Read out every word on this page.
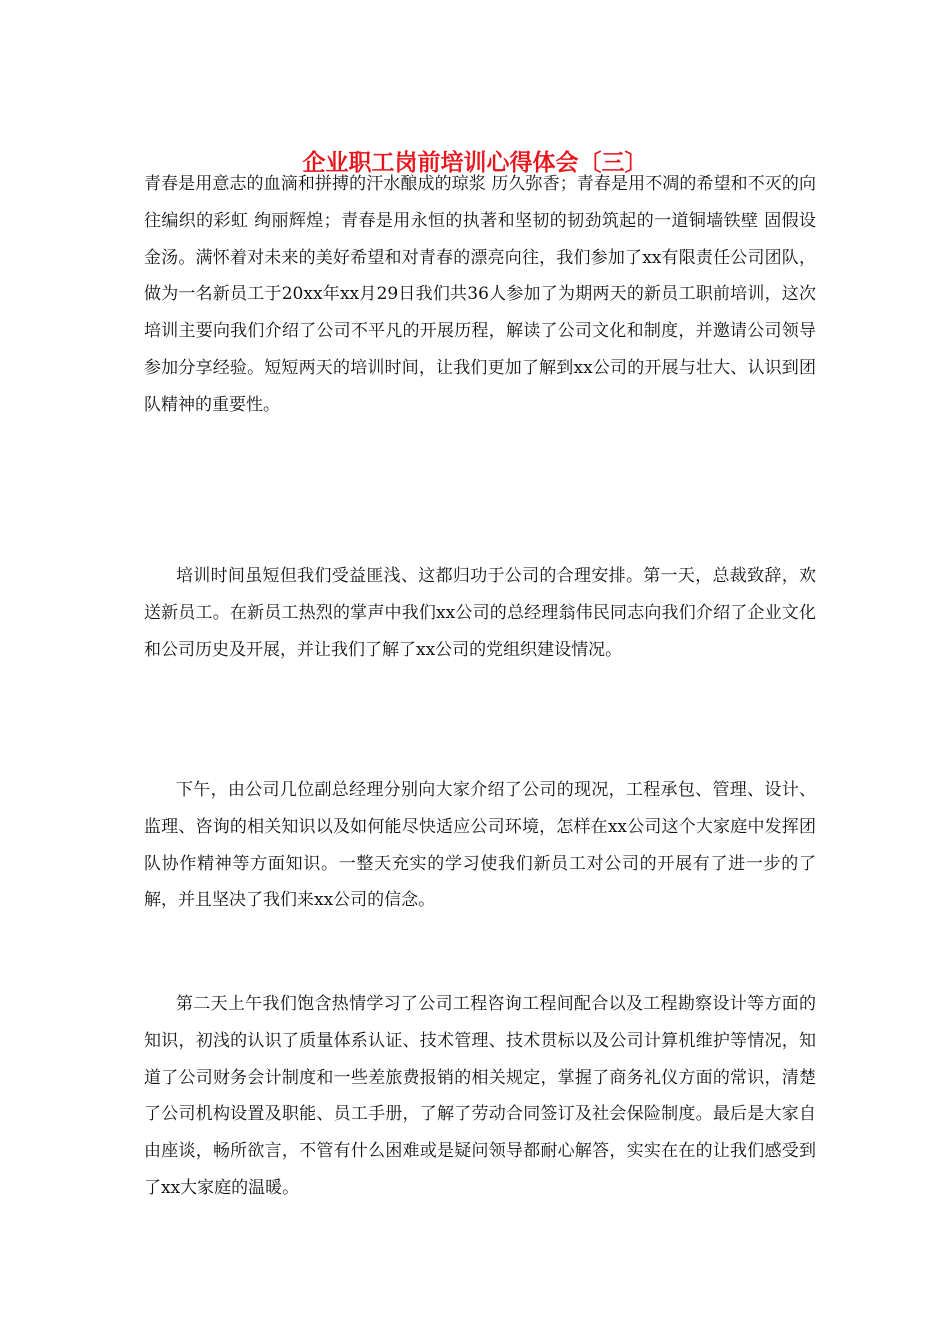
企业职工岗前培训心得体会〔三〕

青春是用意志的血滴和拼搏的汗水酿成的琼浆 历久弥香；青春是用不凋的希望和不灭的向往编织的彩虹 绚丽辉煌；青春是用永恒的执著和坚韧的韧劲筑起的一道铜墙铁壁 固假设金汤。满怀着对未来的美好希望和对青春的漂亮向往，我们参加了xx有限责任公司团队，做为一名新员工于20xx年xx月29日我们共36人参加了为期两天的新员工职前培训，这次培训主要向我们介绍了公司不平凡的开展历程，解读了公司文化和制度，并邀请公司领导参加分享经验。短短两天的培训时间，让我们更加了解到xx公司的开展与壮大、认识到团队精神的重要性。

培训时间虽短但我们受益匪浅、这都归功于公司的合理安排。第一天，总裁致辞，欢送新员工。在新员工热烈的掌声中我们xx公司的总经理翁伟民同志向我们介绍了企业文化和公司历史及开展，并让我们了解了xx公司的党组织建设情况。

下午，由公司几位副总经理分别向大家介绍了公司的现况，工程承包、管理、设计、监理、咨询的相关知识以及如何能尽快适应公司环境，怎样在xx公司这个大家庭中发挥团队协作精神等方面知识。一整天充实的学习使我们新员工对公司的开展有了进一步的了解，并且坚决了我们来xx公司的信念。

第二天上午我们饱含热情学习了公司工程咨询工程间配合以及工程勘察设计等方面的知识，初浅的认识了质量体系认证、技术管理、技术贯标以及公司计算机维护等情况，知道了公司财务会计制度和一些差旅费报销的相关规定，掌握了商务礼仪方面的常识，清楚了公司机构设置及职能、员工手册，了解了劳动合同签订及社会保险制度。最后是大家自由座谈，畅所欲言，不管有什么困难或是疑问领导都耐心解答，实实在在的让我们感受到了xx大家庭的温暖。
